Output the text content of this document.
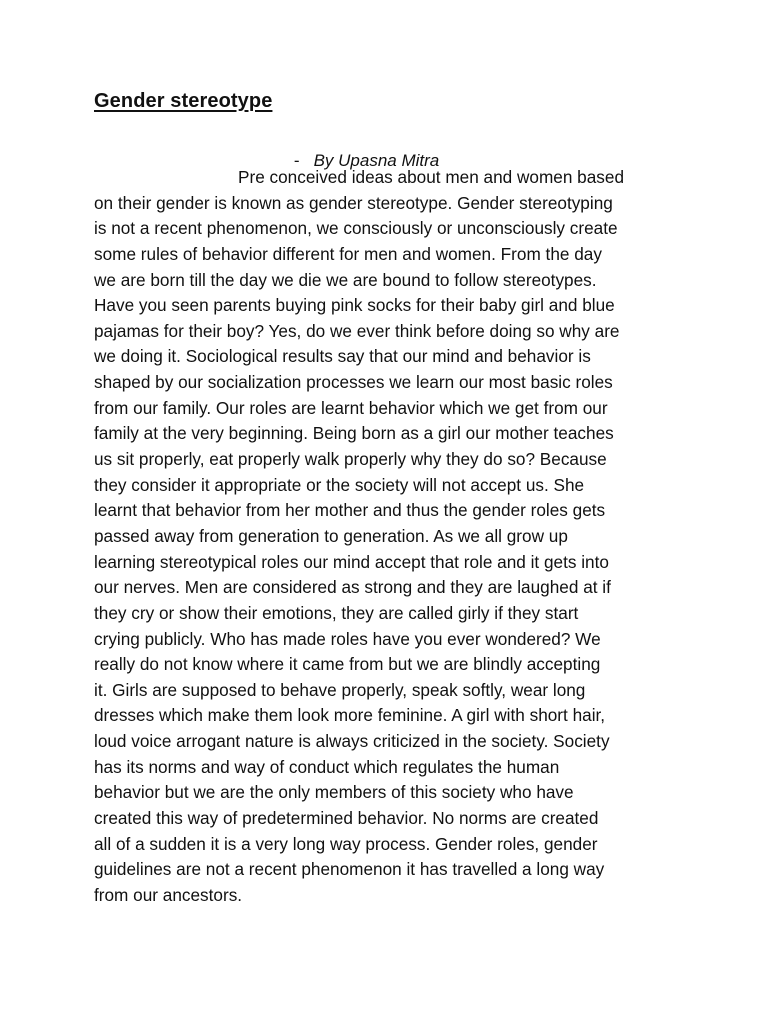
Gender stereotype

- By Upasna Mitra

Pre conceived ideas about men and women based
on their gender is known as gender stereotype. Gender stereotyping
is not a recent phenomenon, we consciously or unconsciously create
some rules of behavior different for men and women. From the day
we are born till the day we die we are bound to follow stereotypes.
Have you seen parents buying pink socks for their baby girl and blue
pajamas for their boy? Yes, do we ever think before doing so why are
we doing it. Sociological results say that our mind and behavior is
shaped by our socialization processes we learn our most basic roles
from our family. Our roles are learnt behavior which we get from our
family at the very beginning. Being born as a girl our mother teaches
us sit properly, eat properly walk properly why they do so? Because
they consider it appropriate or the society will not accept us. She
learnt that behavior from her mother and thus the gender roles gets
passed away from generation to generation. As we all grow up
learning stereotypical roles our mind accept that role and it gets into
our nerves. Men are considered as strong and they are laughed at if
they cry or show their emotions, they are called girly if they start
crying publicly. Who has made roles have you ever wondered? We
really do not know where it came from but we are blindly accepting
it. Girls are supposed to behave properly, speak softly, wear long
dresses which make them look more feminine. A girl with short hair,
loud voice arrogant nature is always criticized in the society. Society
has its norms and way of conduct which regulates the human
behavior but we are the only members of this society who have
created this way of predetermined behavior. No norms are created
all of a sudden it is a very long way process. Gender roles, gender
guidelines are not a recent phenomenon it has travelled a long way
from our ancestors.
